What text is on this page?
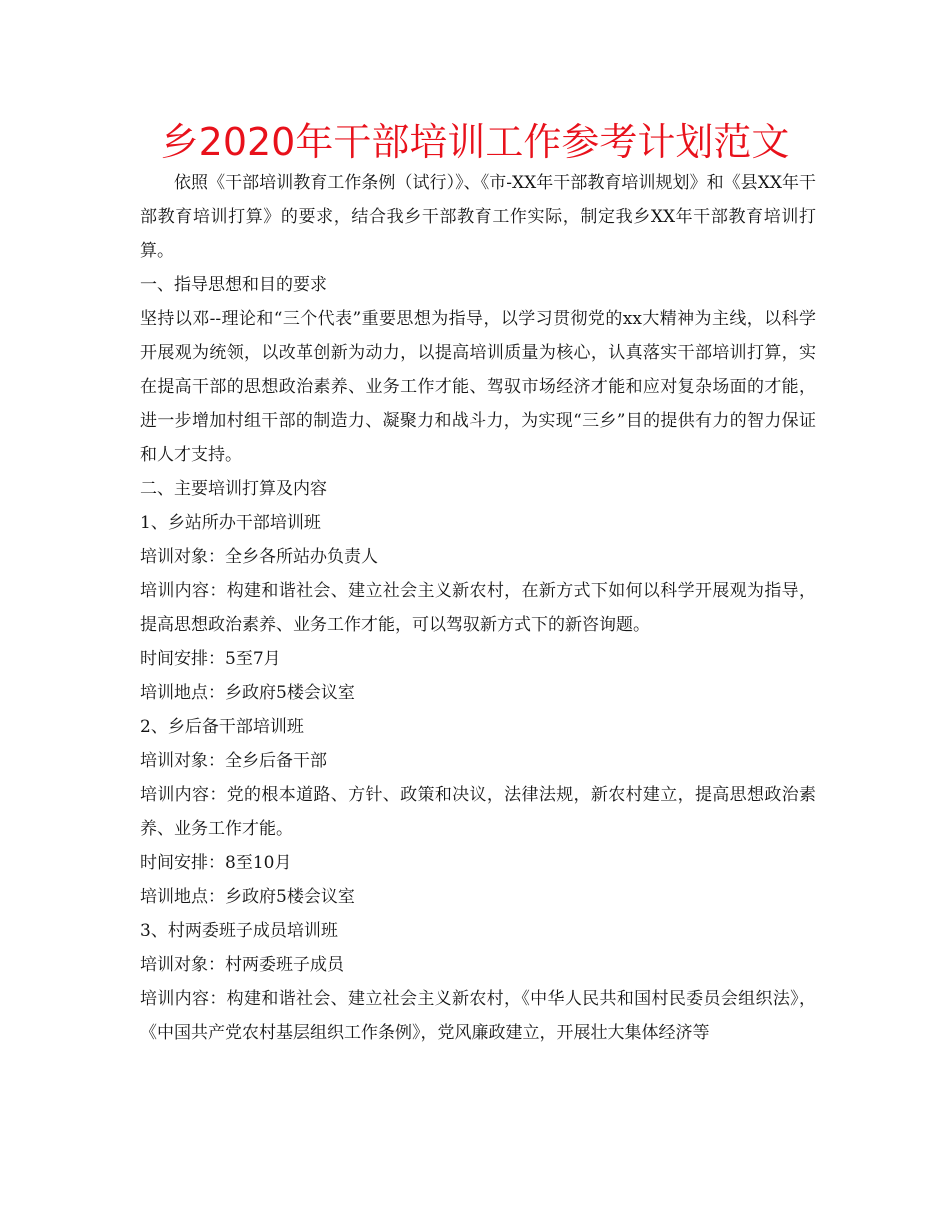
乡2020年干部培训工作参考计划范文

依照《干部培训教育工作条例（试行）》、《市-XX年干部教育培训规划》和《县XX年干部教育培训打算》的要求，结合我乡干部教育工作实际，制定我乡XX年干部教育培训打算。

一、指导思想和目的要求

坚持以邓--理论和“三个代表”重要思想为指导，以学习贯彻党的xx大精神为主线，以科学开展观为统领，以改革创新为动力，以提高培训质量为核心，认真落实干部培训打算，实在提高干部的思想政治素养、业务工作才能、驾驭市场经济才能和应对复杂场面的才能，进一步增加村组干部的制造力、凝聚力和战斗力，为实现“三乡”目的提供有力的智力保证和人才支持。

二、主要培训打算及内容

1、乡站所办干部培训班

培训对象：全乡各所站办负责人

培训内容：构建和谐社会、建立社会主义新农村，在新方式下如何以科学开展观为指导，提高思想政治素养、业务工作才能，可以驾驭新方式下的新咨询题。

时间安排：5至7月

培训地点：乡政府5楼会议室

2、乡后备干部培训班

培训对象：全乡后备干部

培训内容：党的根本道路、方针、政策和决议，法律法规，新农村建立，提高思想政治素养、业务工作才能。

时间安排：8至10月

培训地点：乡政府5楼会议室

3、村两委班子成员培训班

培训对象：村两委班子成员

培训内容：构建和谐社会、建立社会主义新农村，《中华人民共和国村民委员会组织法》，《中国共产党农村基层组织工作条例》，党风廉政建立，开展壮大集体经济等
